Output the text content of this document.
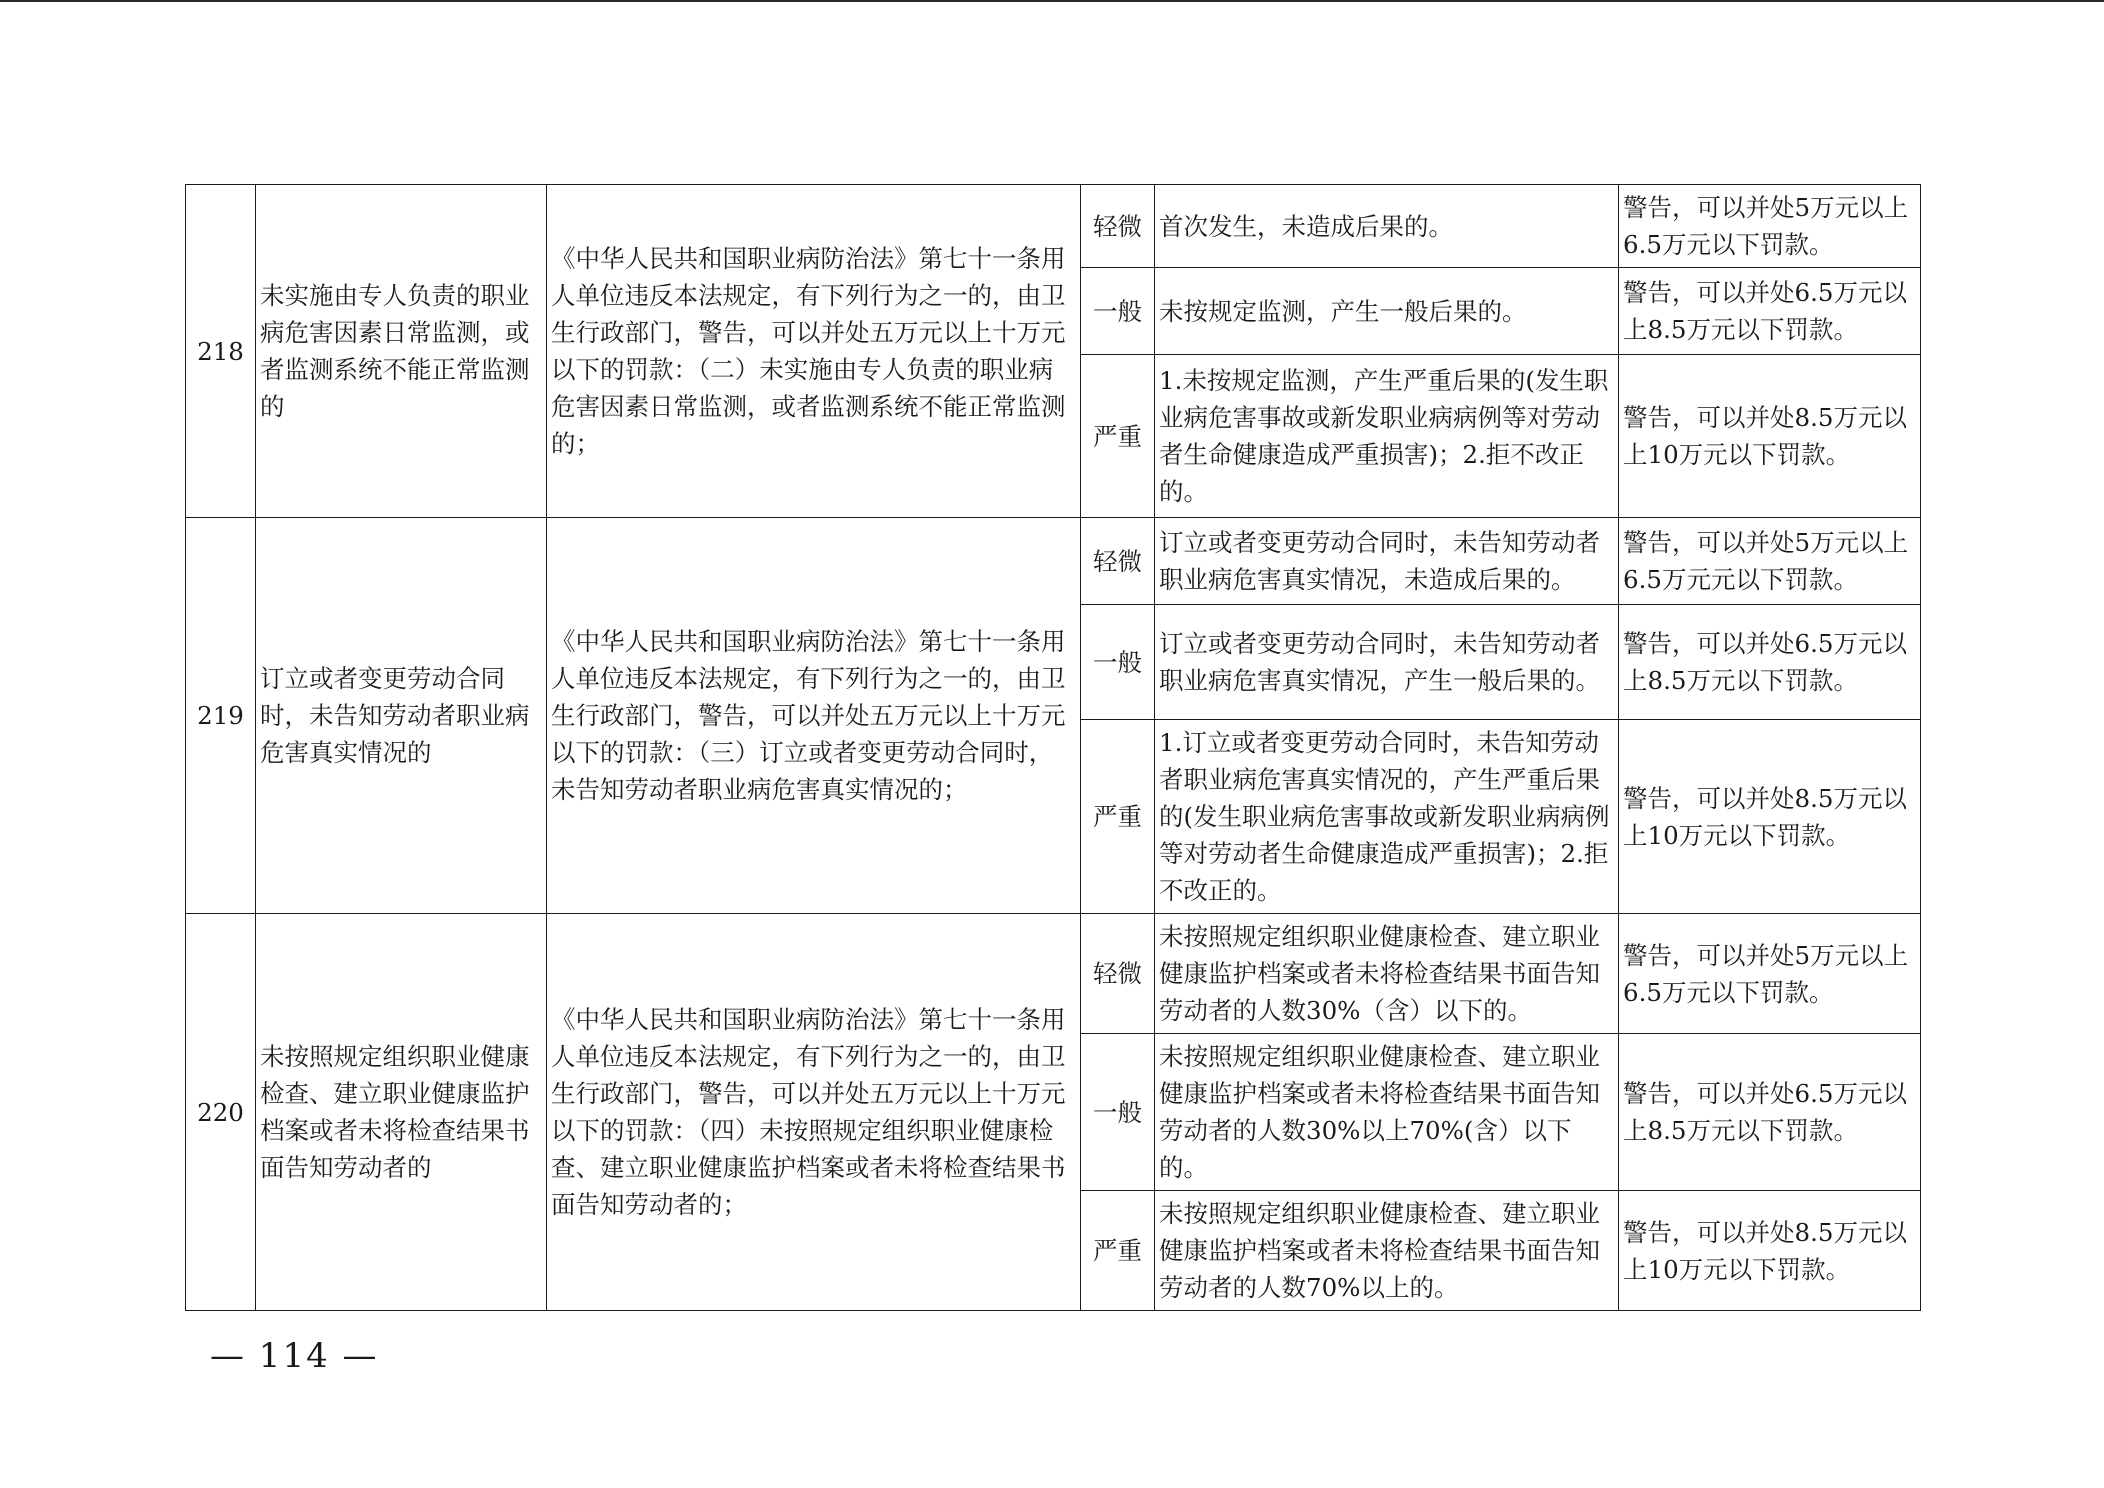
218	未实施由专人负责的职业病危害因素日常监测，或者监测系统不能正常监测的	《中华人民共和国职业病防治法》第七十一条用人单位违反本法规定，有下列行为之一的，由卫生行政部门，警告，可以并处五万元以上十万元以下的罚款：（二）未实施由专人负责的职业病危害因素日常监测，或者监测系统不能正常监测的；	轻微	首次发生，未造成后果的。	警告，可以并处5万元以上6.5万元以下罚款。
			一般	未按规定监测，产生一般后果的。	警告，可以并处6.5万元以上8.5万元以下罚款。
			严重	1.未按规定监测，产生严重后果的(发生职业病危害事故或新发职业病病例等对劳动者生命健康造成严重损害)；2.拒不改正的。	警告，可以并处8.5万元以上10万元以下罚款。
219	订立或者变更劳动合同时，未告知劳动者职业病危害真实情况的	《中华人民共和国职业病防治法》第七十一条用人单位违反本法规定，有下列行为之一的，由卫生行政部门，警告，可以并处五万元以上十万元以下的罚款：（三）订立或者变更劳动合同时，未告知劳动者职业病危害真实情况的；	轻微	订立或者变更劳动合同时，未告知劳动者职业病危害真实情况，未造成后果的。	警告，可以并处5万元以上6.5万元元以下罚款。
			一般	订立或者变更劳动合同时，未告知劳动者职业病危害真实情况，产生一般后果的。	警告，可以并处6.5万元以上8.5万元以下罚款。
			严重	1.订立或者变更劳动合同时，未告知劳动者职业病危害真实情况的，产生严重后果的(发生职业病危害事故或新发职业病病例等对劳动者生命健康造成严重损害)；2.拒不改正的。	警告，可以并处8.5万元以上10万元以下罚款。
220	未按照规定组织职业健康检查、建立职业健康监护档案或者未将检查结果书面告知劳动者的	《中华人民共和国职业病防治法》第七十一条用人单位违反本法规定，有下列行为之一的，由卫生行政部门，警告，可以并处五万元以上十万元以下的罚款：（四）未按照规定组织职业健康检查、建立职业健康监护档案或者未将检查结果书面告知劳动者的；	轻微	未按照规定组织职业健康检查、建立职业健康监护档案或者未将检查结果书面告知劳动者的人数30%（含）以下的。	警告，可以并处5万元以上6.5万元以下罚款。
			一般	未按照规定组织职业健康检查、建立职业健康监护档案或者未将检查结果书面告知劳动者的人数30%以上70%(含）以下的。	警告，可以并处6.5万元以上8.5万元以下罚款。
			严重	未按照规定组织职业健康检查、建立职业健康监护档案或者未将检查结果书面告知劳动者的人数70%以上的。	警告，可以并处8.5万元以上10万元以下罚款。
— 114 —
